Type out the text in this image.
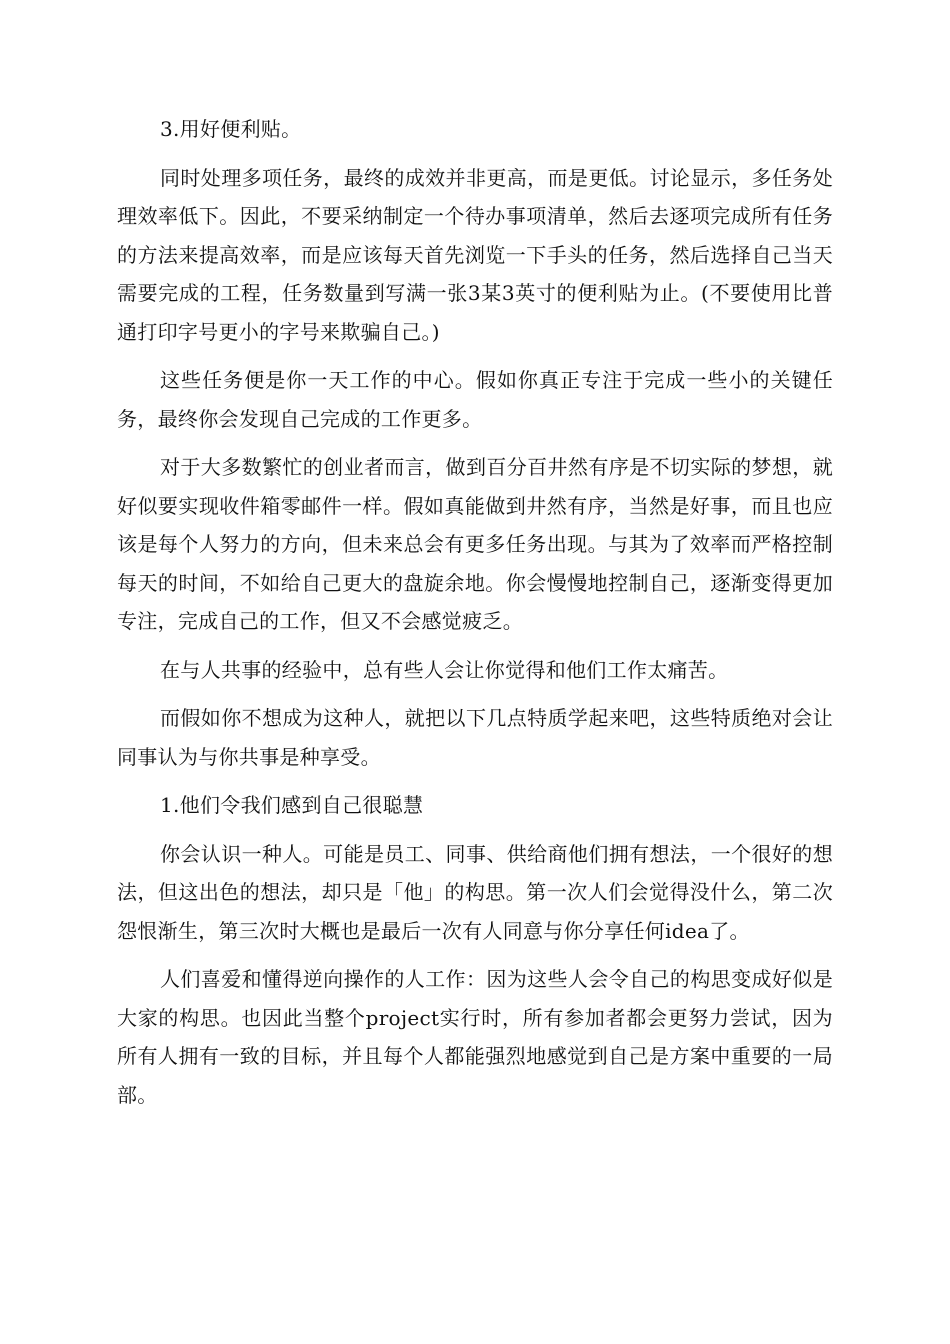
3.用好便利贴。

同时处理多项任务，最终的成效并非更高，而是更低。讨论显示，多任务处理效率低下。因此，不要采纳制定一个待办事项清单，然后去逐项完成所有任务的方法来提高效率，而是应该每天首先浏览一下手头的任务，然后选择自己当天需要完成的工程，任务数量到写满一张3某3英寸的便利贴为止。(不要使用比普通打印字号更小的字号来欺骗自己。)

这些任务便是你一天工作的中心。假如你真正专注于完成一些小的关键任务，最终你会发现自己完成的工作更多。

对于大多数繁忙的创业者而言，做到百分百井然有序是不切实际的梦想，就好似要实现收件箱零邮件一样。假如真能做到井然有序，当然是好事，而且也应该是每个人努力的方向，但未来总会有更多任务出现。与其为了效率而严格控制每天的时间，不如给自己更大的盘旋余地。你会慢慢地控制自己，逐渐变得更加专注，完成自己的工作，但又不会感觉疲乏。

在与人共事的经验中，总有些人会让你觉得和他们工作太痛苦。

而假如你不想成为这种人，就把以下几点特质学起来吧，这些特质绝对会让同事认为与你共事是种享受。

1.他们令我们感到自己很聪慧

你会认识一种人。可能是员工、同事、供给商他们拥有想法，一个很好的想法，但这出色的想法，却只是「他」的构思。第一次人们会觉得没什么，第二次怨恨渐生，第三次时大概也是最后一次有人同意与你分享任何idea了。

人们喜爱和懂得逆向操作的人工作：因为这些人会令自己的构思变成好似是大家的构思。也因此当整个project实行时，所有参加者都会更努力尝试，因为所有人拥有一致的目标，并且每个人都能强烈地感觉到自己是方案中重要的一局部。
